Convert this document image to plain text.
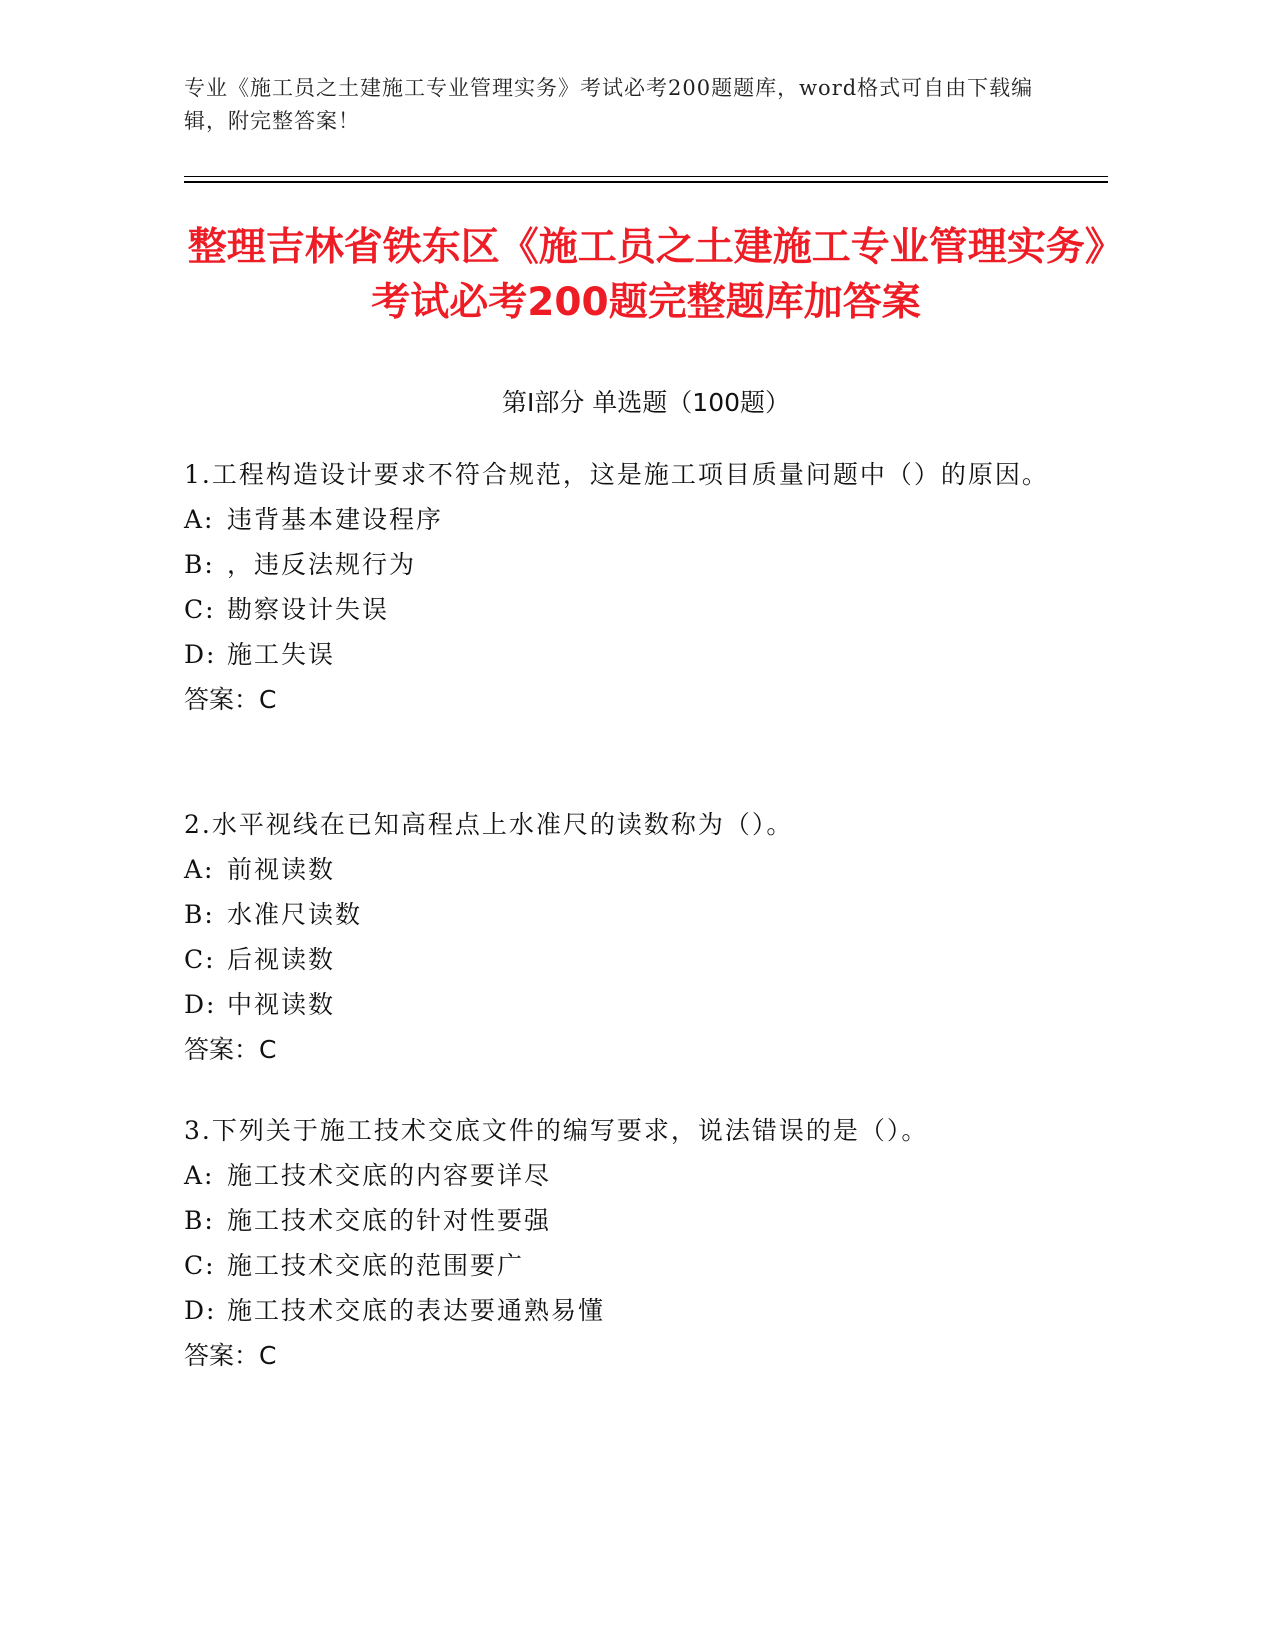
专业《施工员之土建施工专业管理实务》考试必考200题题库，word格式可自由下载编辑，附完整答案！
整理吉林省铁东区《施工员之土建施工专业管理实务》考试必考200题完整题库加答案
第I部分 单选题（100题）

1.工程构造设计要求不符合规范，这是施工项目质量问题中（）的原因。

A: 违背基本建设程序

B: ，违反法规行为

C: 勘察设计失误

D: 施工失误

答案：C

2.水平视线在已知高程点上水准尺的读数称为（）。

A: 前视读数

B: 水准尺读数

C: 后视读数

D: 中视读数

答案：C

3.下列关于施工技术交底文件的编写要求，说法错误的是（）。

A: 施工技术交底的内容要详尽

B: 施工技术交底的针对性要强

C: 施工技术交底的范围要广

D: 施工技术交底的表达要通熟易懂

答案：C
